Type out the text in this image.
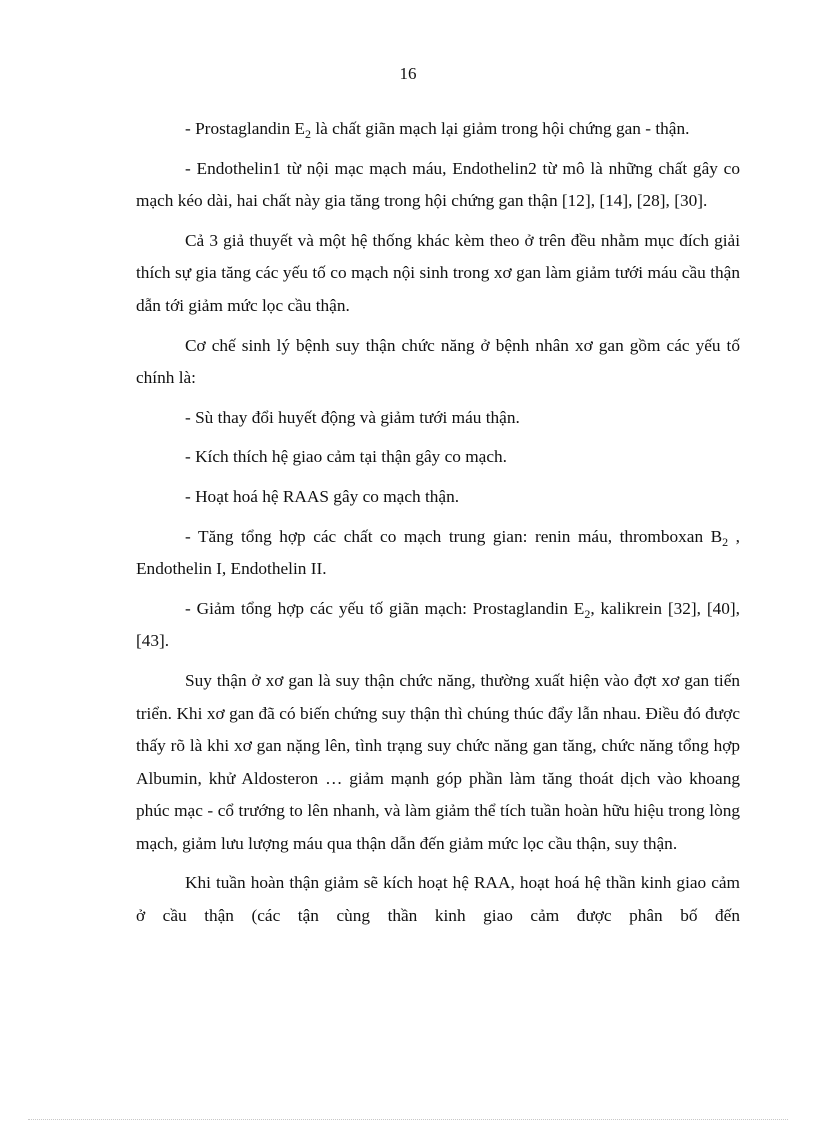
16

- Prostaglandin $E_2$ là chất giãn mạch lại giảm trong hội chứng gan - thận.

- Endothelin1 từ nội mạc mạch máu, Endothelin2 từ mô là những chất gây co mạch kéo dài, hai chất này gia tăng trong hội chứng gan thận [12], [14], [28], [30].

Cả 3 giả thuyết và một hệ thống khác kèm theo ở trên đều nhằm mục đích giải thích sự gia tăng các yếu tố co mạch nội sinh trong xơ gan làm giảm tưới máu cầu thận dẫn tới giảm mức lọc cầu thận.

Cơ chế sinh lý bệnh suy thận chức năng ở bệnh nhân xơ gan gồm các yếu tố chính là:

- Sù thay đổi huyết động và giảm tưới máu thận.

- Kích thích hệ giao cảm tại thận gây co mạch.

- Hoạt hoá hệ RAAS gây co mạch thận.

- Tăng tổng hợp các chất co mạch trung gian: renin máu, thromboxan $B_2$ , Endothelin I, Endothelin II.

- Giảm tổng hợp các yếu tố giãn mạch: Prostaglandin $E_2$, kalikrein [32], [40], [43].

Suy thận ở xơ gan là suy thận chức năng, thường xuất hiện vào đợt xơ gan tiến triển. Khi xơ gan đã có biến chứng suy thận thì chúng thúc đẩy lẫn nhau. Điều đó được thấy rõ là khi xơ gan nặng lên, tình trạng suy chức năng gan tăng, chức năng tổng hợp Albumin, khử Aldosteron … giảm mạnh góp phần làm tăng thoát dịch vào khoang phúc mạc - cổ trướng to lên nhanh, và làm giảm thể tích tuần hoàn hữu hiệu trong lòng mạch, giảm lưu lượng máu qua thận dẫn đến giảm mức lọc cầu thận, suy thận.

Khi tuần hoàn thận giảm sẽ kích hoạt hệ RAA, hoạt hoá hệ thần kinh giao cảm ở cầu thận (các tận cùng thần kinh giao cảm được phân bố đến
